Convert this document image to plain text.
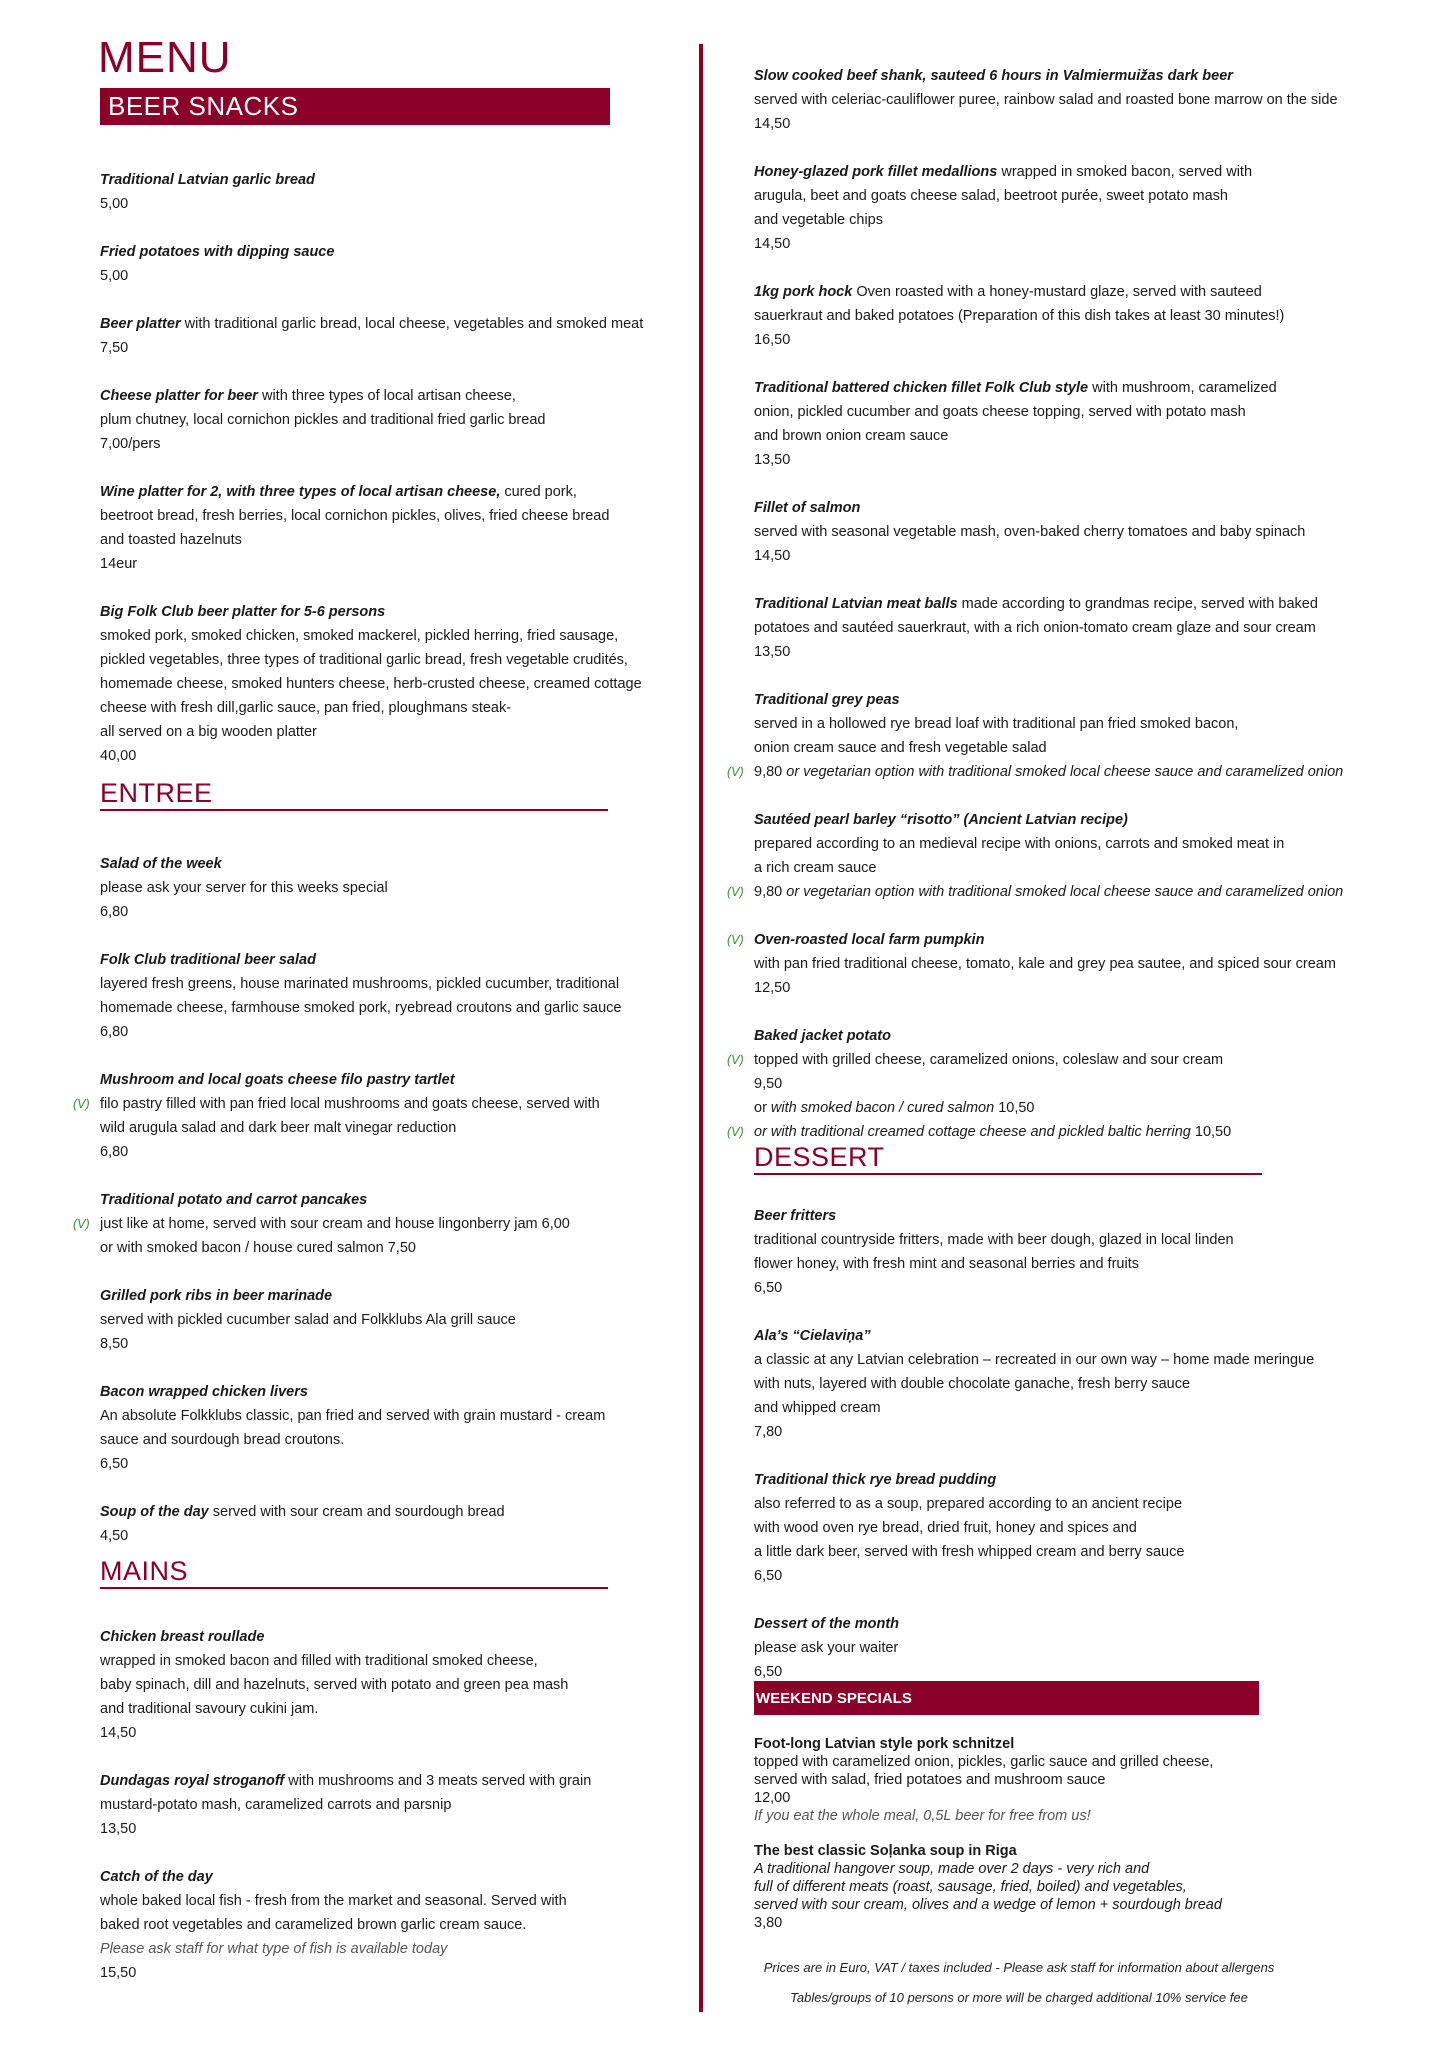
MENU
BEER SNACKS
Traditional Latvian garlic bread
5,00
Fried potatoes with dipping sauce
5,00
Beer platter with traditional garlic bread, local cheese, vegetables and smoked meat
7,50
Cheese platter for beer with three types of local artisan cheese,
plum chutney, local cornichon pickles and traditional fried garlic bread
7,00/pers
Wine platter for 2, with three types of local artisan cheese, cured pork,
beetroot bread, fresh berries, local cornichon pickles, olives, fried cheese bread
and toasted hazelnuts
14eur
Big Folk Club beer platter for 5-6 persons
smoked pork, smoked chicken, smoked mackerel, pickled herring, fried sausage,
pickled vegetables, three types of traditional garlic bread, fresh vegetable crudités,
homemade cheese, smoked hunters cheese, herb-crusted cheese, creamed cottage
cheese with fresh dill,garlic sauce, pan fried, ploughmans steak-
all served on a big wooden platter
40,00
ENTREE
Salad of the week
please ask your server for this weeks special
6,80
Folk Club traditional beer salad
layered fresh greens, house marinated mushrooms, pickled cucumber, traditional
homemade cheese, farmhouse smoked pork, ryebread croutons and garlic sauce
6,80
Mushroom and local goats cheese filo pastry tartlet
(V) filo pastry filled with pan fried local mushrooms and goats cheese, served with
wild arugula salad and dark beer malt vinegar reduction
6,80
Traditional potato and carrot pancakes
(V) just like at home, served with sour cream and house lingonberry jam 6,00
or with smoked bacon / house cured salmon 7,50
Grilled pork ribs in beer marinade
served with pickled cucumber salad and Folkklubs Ala grill sauce
8,50
Bacon wrapped chicken livers
An absolute Folkklubs classic, pan fried and served with grain mustard - cream
sauce and sourdough bread croutons.
6,50
Soup of the day served with sour cream and sourdough bread
4,50
MAINS
Chicken breast roullade
wrapped in smoked bacon and filled with traditional smoked cheese,
baby spinach, dill and hazelnuts, served with potato and green pea mash
and traditional savoury cukini jam.
14,50
Dundagas royal stroganoff with mushrooms and 3 meats served with grain
mustard-potato mash, caramelized carrots and parsnip
13,50
Catch of the day
whole baked local fish - fresh from the market and seasonal. Served with
baked root vegetables and caramelized brown garlic cream sauce.
Please ask staff for what type of fish is available today
15,50
Slow cooked beef shank, sauteed 6 hours in Valmiermuižas dark beer
served with celeriac-cauliflower puree, rainbow salad and roasted bone marrow on the side
14,50
Honey-glazed pork fillet medallions wrapped in smoked bacon, served with
arugula, beet and goats cheese salad, beetroot purée, sweet potato mash
and vegetable chips
14,50
1kg pork hock Oven roasted with a honey-mustard glaze, served with sauteed
sauerkraut and baked potatoes (Preparation of this dish takes at least 30 minutes!)
16,50
Traditional battered chicken fillet Folk Club style with mushroom, caramelized
onion, pickled cucumber and goats cheese topping, served with potato mash
and brown onion cream sauce
13,50
Fillet of salmon
served with seasonal vegetable mash, oven-baked cherry tomatoes and baby spinach
14,50
Traditional Latvian meat balls made according to grandmas recipe, served with baked
potatoes and sautéed sauerkraut, with a rich onion-tomato cream glaze and sour cream
13,50
Traditional grey peas
served in a hollowed rye bread loaf with traditional pan fried smoked bacon,
onion cream sauce and fresh vegetable salad
(V) 9,80 or vegetarian option with traditional smoked local cheese sauce and caramelized onion
Sautéed pearl barley “risotto” (Ancient Latvian recipe)
prepared according to an medieval recipe with onions, carrots and smoked meat in
a rich cream sauce
(V) 9,80 or vegetarian option with traditional smoked local cheese sauce and caramelized onion
(V) Oven-roasted local farm pumpkin
with pan fried traditional cheese, tomato, kale and grey pea sautee, and spiced sour cream
12,50
Baked jacket potato
(V) topped with grilled cheese, caramelized onions, coleslaw and sour cream
9,50
or with smoked bacon / cured salmon 10,50
(V) or with traditional creamed cottage cheese and pickled baltic herring 10,50
DESSERT
Beer fritters
traditional countryside fritters, made with beer dough, glazed in local linden
flower honey, with fresh mint and seasonal berries and fruits
6,50
Ala’s “Cielaviņa”
a classic at any Latvian celebration – recreated in our own way – home made meringue
with nuts, layered with double chocolate ganache, fresh berry sauce
and whipped cream
7,80
Traditional thick rye bread pudding
also referred to as a soup, prepared according to an ancient recipe
with wood oven rye bread, dried fruit, honey and spices and
a little dark beer, served with fresh whipped cream and berry sauce
6,50
Dessert of the month
please ask your waiter
6,50
WEEKEND SPECIALS
Foot-long Latvian style pork schnitzel
topped with caramelized onion, pickles, garlic sauce and grilled cheese,
served with salad, fried potatoes and mushroom sauce
12,00
If you eat the whole meal, 0,5L beer for free from us!
The best classic Soļanka soup in Riga
A traditional hangover soup, made over 2 days - very rich and
full of different meats (roast, sausage, fried, boiled) and vegetables,
served with sour cream, olives and a wedge of lemon + sourdough bread
3,80
Prices are in Euro, VAT / taxes included - Please ask staff for information about allergens
Tables/groups of 10 persons or more will be charged additional 10% service fee
